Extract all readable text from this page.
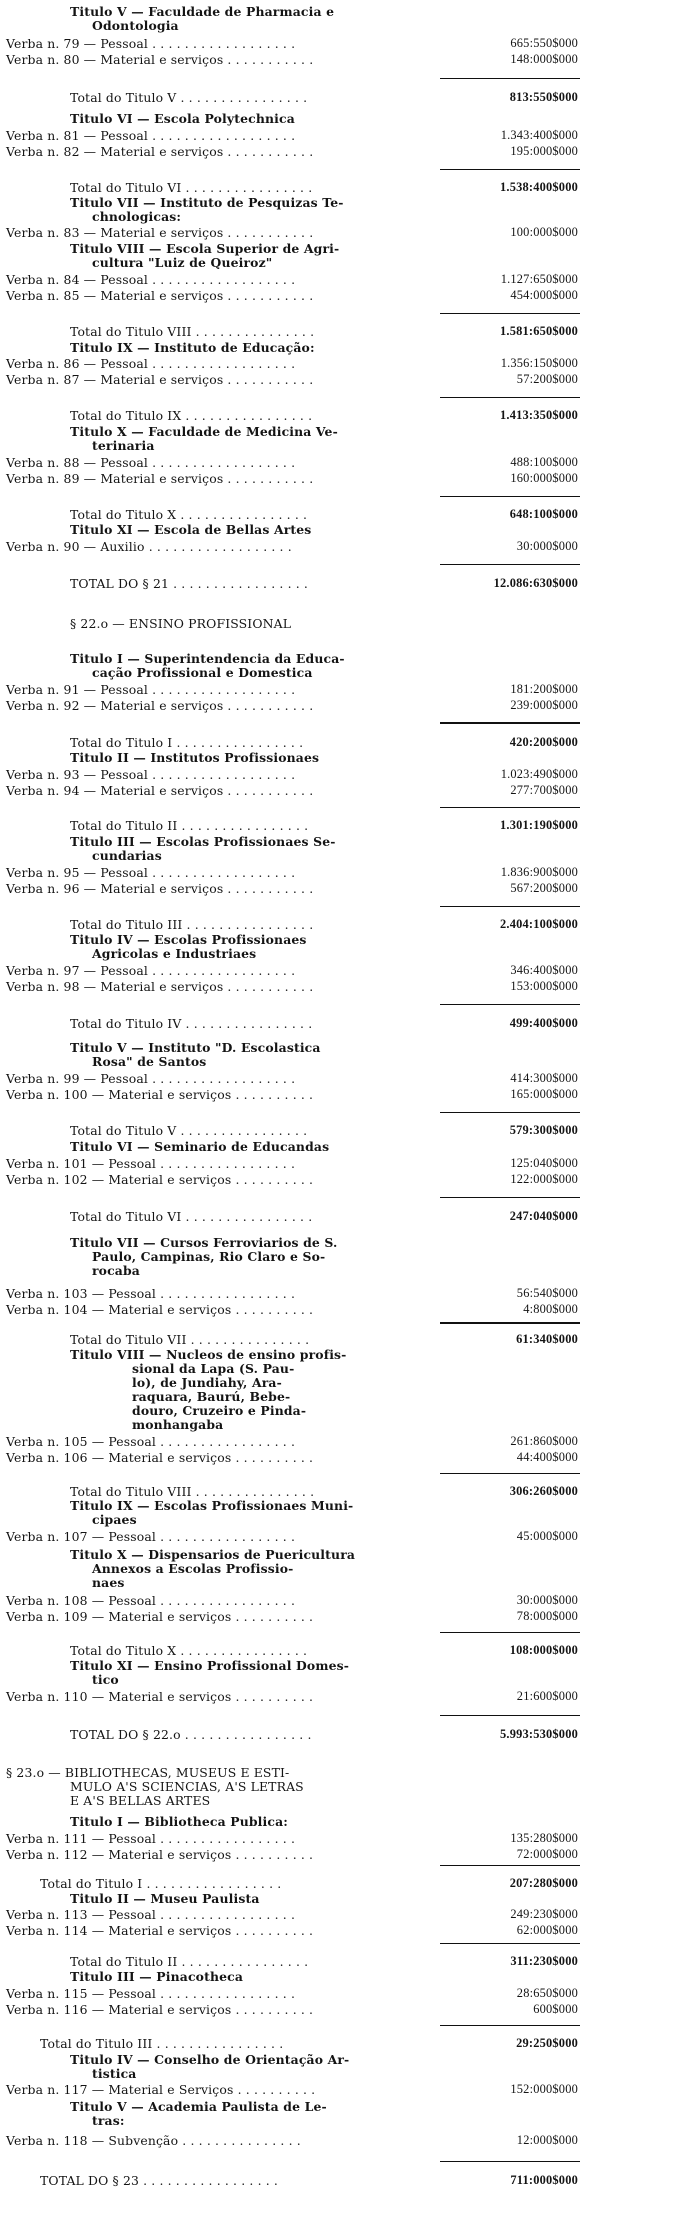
Titulo V — Faculdade de Pharmacia e
Odontologia
Verba n. 79 — Pessoal . . . . . . . . . . . . . . . . . .	665:550$000
Verba n. 80 — Material e serviços . . . . . . . . . . .	148:000$000
Total do Titulo V . . . . . . . . . . . . . . . .	813:550$000
Titulo VI — Escola Polytechnica
Verba n. 81 — Pessoal . . . . . . . . . . . . . . . . . .	1.343:400$000
Verba n. 82 — Material e serviços . . . . . . . . . . .	195:000$000
Total do Titulo VI . . . . . . . . . . . . . . . .	1.538:400$000
Titulo VII — Instituto de Pesquizas Te-
chnologicas:
Verba n. 83 — Material e serviços . . . . . . . . . . .	100:000$000
Titulo VIII — Escola Superior de Agri-
cultura "Luiz de Queiroz"
Verba n. 84 — Pessoal . . . . . . . . . . . . . . . . . .	1.127:650$000
Verba n. 85 — Material e serviços . . . . . . . . . . .	454:000$000
Total do Titulo VIII . . . . . . . . . . . . . . .	1.581:650$000
Titulo IX — Instituto de Educação:
Verba n. 86 — Pessoal . . . . . . . . . . . . . . . . . .	1.356:150$000
Verba n. 87 — Material e serviços . . . . . . . . . . .	57:200$000
Total do Titulo IX . . . . . . . . . . . . . . . .	1.413:350$000
Titulo X — Faculdade de Medicina Ve-
terinaria
Verba n. 88 — Pessoal . . . . . . . . . . . . . . . . . .	488:100$000
Verba n. 89 — Material e serviços . . . . . . . . . . .	160:000$000
Total do Titulo X . . . . . . . . . . . . . . . .	648:100$000
Titulo XI — Escola de Bellas Artes
Verba n. 90 — Auxilio . . . . . . . . . . . . . . . . . .	30:000$000
TOTAL DO § 21 . . . . . . . . . . . . . . . . .	12.086:630$000
§ 22.o — ENSINO PROFISSIONAL
Titulo I — Superintendencia da Educa-
cação Profissional e Domestica
Verba n. 91 — Pessoal . . . . . . . . . . . . . . . . . .	181:200$000
Verba n. 92 — Material e serviços . . . . . . . . . . .	239:000$000
Total do Titulo I . . . . . . . . . . . . . . . .	420:200$000
Titulo II — Institutos Profissionaes
Verba n. 93 — Pessoal . . . . . . . . . . . . . . . . . .	1.023:490$000
Verba n. 94 — Material e serviços . . . . . . . . . . .	277:700$000
Total do Titulo II . . . . . . . . . . . . . . . .	1.301:190$000
Titulo III — Escolas Profissionaes Se-
cundarias
Verba n. 95 — Pessoal . . . . . . . . . . . . . . . . . .	1.836:900$000
Verba n. 96 — Material e serviços . . . . . . . . . . .	567:200$000
Total do Titulo III . . . . . . . . . . . . . . . .	2.404:100$000
Titulo IV — Escolas Profissionaes
Agricolas e Industriaes
Verba n. 97 — Pessoal . . . . . . . . . . . . . . . . . .	346:400$000
Verba n. 98 — Material e serviços . . . . . . . . . . .	153:000$000
Total do Titulo IV . . . . . . . . . . . . . . . .	499:400$000
Titulo V — Instituto "D. Escolastica
Rosa" de Santos
Verba n. 99 — Pessoal . . . . . . . . . . . . . . . . . .	414:300$000
Verba n. 100 — Material e serviços . . . . . . . . . .	165:000$000
Total do Titulo V . . . . . . . . . . . . . . . .	579:300$000
Titulo VI — Seminario de Educandas
Verba n. 101 — Pessoal . . . . . . . . . . . . . . . . .	125:040$000
Verba n. 102 — Material e serviços . . . . . . . . . .	122:000$000
Total do Titulo VI . . . . . . . . . . . . . . . .	247:040$000
Titulo VII — Cursos Ferroviarios de S.
Paulo, Campinas, Rio Claro e So-
rocaba
Verba n. 103 — Pessoal . . . . . . . . . . . . . . . . .	56:540$000
Verba n. 104 — Material e serviços . . . . . . . . . .	4:800$000
Total do Titulo VII . . . . . . . . . . . . . . .	61:340$000
Titulo VIII — Nucleos de ensino profis-
sional da Lapa (S. Pau-
lo), de Jundiahy, Ara-
raquara, Baurú, Bebe-
douro, Cruzeiro e Pinda-
monhangaba
Verba n. 105 — Pessoal . . . . . . . . . . . . . . . . .	261:860$000
Verba n. 106 — Material e serviços . . . . . . . . . .	44:400$000
Total do Titulo VIII . . . . . . . . . . . . . . .	306:260$000
Titulo IX — Escolas Profissionaes Muni-
cipaes
Verba n. 107 — Pessoal . . . . . . . . . . . . . . . . .	45:000$000
Titulo X — Dispensarios de Puericultura
Annexos a Escolas Profissio-
naes
Verba n. 108 — Pessoal . . . . . . . . . . . . . . . . .	30:000$000
Verba n. 109 — Material e serviços . . . . . . . . . .	78:000$000
Total do Titulo X . . . . . . . . . . . . . . . .	108:000$000
Titulo XI — Ensino Profissional Domes-
tico
Verba n. 110 — Material e serviços . . . . . . . . . .	21:600$000
TOTAL DO § 22.o . . . . . . . . . . . . . . . .	5.993:530$000
§ 23.o — BIBLIOTHECAS, MUSEUS E ESTI-
MULO A'S SCIENCIAS, A'S LETRAS
E A'S BELLAS ARTES
Titulo I — Bibliotheca Publica:
Verba n. 111 — Pessoal . . . . . . . . . . . . . . . . .	135:280$000
Verba n. 112 — Material e serviços . . . . . . . . . .	72:000$000
Total do Titulo I . . . . . . . . . . . . . . . . .	207:280$000
Titulo II — Museu Paulista
Verba n. 113 — Pessoal . . . . . . . . . . . . . . . . .	249:230$000
Verba n. 114 — Material e serviços . . . . . . . . . .	62:000$000
Total do Titulo II . . . . . . . . . . . . . . . .	311:230$000
Titulo III — Pinacotheca
Verba n. 115 — Pessoal . . . . . . . . . . . . . . . . .	28:650$000
Verba n. 116 — Material e serviços . . . . . . . . . .	600$000
Total do Titulo III . . . . . . . . . . . . . . . .	29:250$000
Titulo IV — Conselho de Orientação Ar-
tistica
Verba n. 117 — Material e Serviços . . . . . . . . . .	152:000$000
Titulo V — Academia Paulista de Le-
tras:
Verba n. 118 — Subvenção . . . . . . . . . . . . . . .	12:000$000
TOTAL DO § 23 . . . . . . . . . . . . . . . . .	711:000$000
